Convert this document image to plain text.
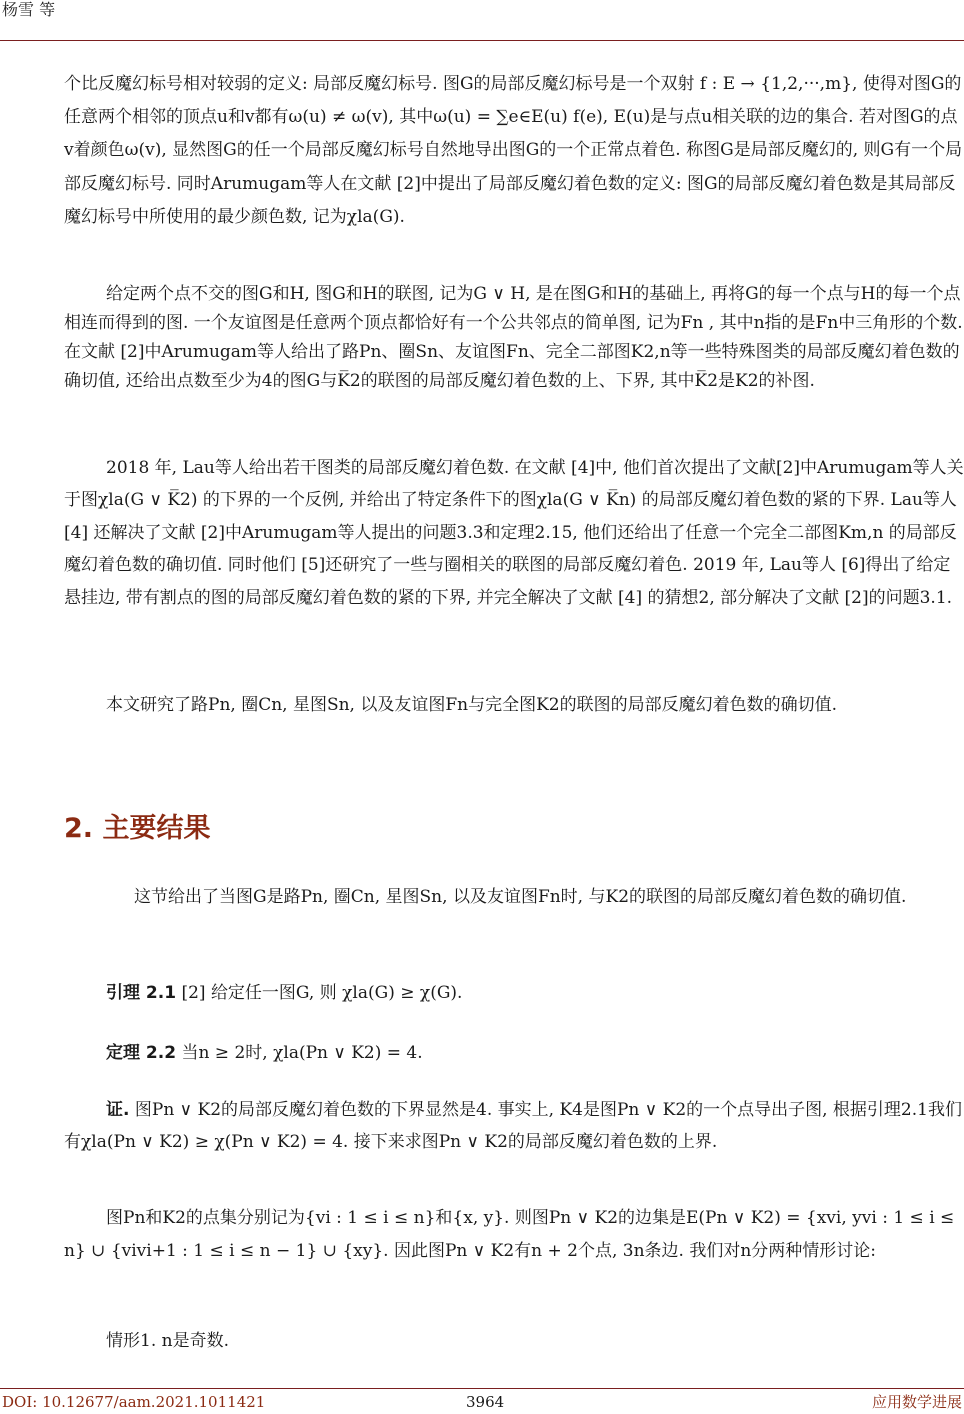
杨雪 等

个比反魔幻标号相对较弱的定义: 局部反魔幻标号. 图G的局部反魔幻标号是一个双射 f : E → {1,2,···,m}, 使得对图G的任意两个相邻的顶点u和v都有ω(u) ≠ ω(v), 其中ω(u) = ∑e∈E(u) f(e), E(u)是与点u相关联的边的集合. 若对图G的点v着颜色ω(v), 显然图G的任一个局部反魔幻标号自然地导出图G的一个正常点着色. 称图G是局部反魔幻的, 则G有一个局部反魔幻标号. 同时Arumugam等人在文献 [2]中提出了局部反魔幻着色数的定义: 图G的局部反魔幻着色数是其局部反魔幻标号中所使用的最少颜色数, 记为χla(G).

给定两个点不交的图G和H, 图G和H的联图, 记为G ∨ H, 是在图G和H的基础上, 再将G的每一个点与H的每一个点相连而得到的图. 一个友谊图是任意两个顶点都恰好有一个公共邻点的简单图, 记为Fn , 其中n指的是Fn中三角形的个数. 在文献 [2]中Arumugam等人给出了路Pn、圈Sn、友谊图Fn、完全二部图K2,n等一些特殊图类的局部反魔幻着色数的确切值, 还给出点数至少为4的图G与K̅2的联图的局部反魔幻着色数的上、下界, 其中K̅2是K2的补图.

2018 年, Lau等人给出若干图类的局部反魔幻着色数. 在文献 [4]中, 他们首次提出了文献[2]中Arumugam等人关于图χla(G ∨ K̅2) 的下界的一个反例, 并给出了特定条件下的图χla(G ∨ K̅n) 的局部反魔幻着色数的紧的下界. Lau等人 [4] 还解决了文献 [2]中Arumugam等人提出的问题3.3和定理2.15, 他们还给出了任意一个完全二部图Km,n 的局部反魔幻着色数的确切值. 同时他们 [5]还研究了一些与圈相关的联图的局部反魔幻着色. 2019 年, Lau等人 [6]得出了给定悬挂边, 带有割点的图的局部反魔幻着色数的紧的下界, 并完全解决了文献 [4] 的猜想2, 部分解决了文献 [2]的问题3.1.

本文研究了路Pn, 圈Cn, 星图Sn, 以及友谊图Fn与完全图K2的联图的局部反魔幻着色数的确切值.

2. 主要结果

这节给出了当图G是路Pn, 圈Cn, 星图Sn, 以及友谊图Fn时, 与K2的联图的局部反魔幻着色数的确切值.

引理 2.1 [2] 给定任一图G, 则 χla(G) ≥ χ(G).
定理 2.2 当n ≥ 2时, χla(Pn ∨ K2) = 4.

证. 图Pn ∨ K2的局部反魔幻着色数的下界显然是4. 事实上, K4是图Pn ∨ K2的一个点导出子图, 根据引理2.1我们有χla(Pn ∨ K2) ≥ χ(Pn ∨ K2) = 4. 接下来求图Pn ∨ K2的局部反魔幻着色数的上界.

图Pn和K2的点集分别记为{vi : 1 ≤ i ≤ n}和{x, y}. 则图Pn ∨ K2的边集是E(Pn ∨ K2) = {xvi, yvi : 1 ≤ i ≤ n} ∪ {vivi+1 : 1 ≤ i ≤ n − 1} ∪ {xy}. 因此图Pn ∨ K2有n + 2个点, 3n条边. 我们对n分两种情形讨论:

情形1. n是奇数.

DOI: 10.12677/aam.2021.1011421	3964	应用数学进展
